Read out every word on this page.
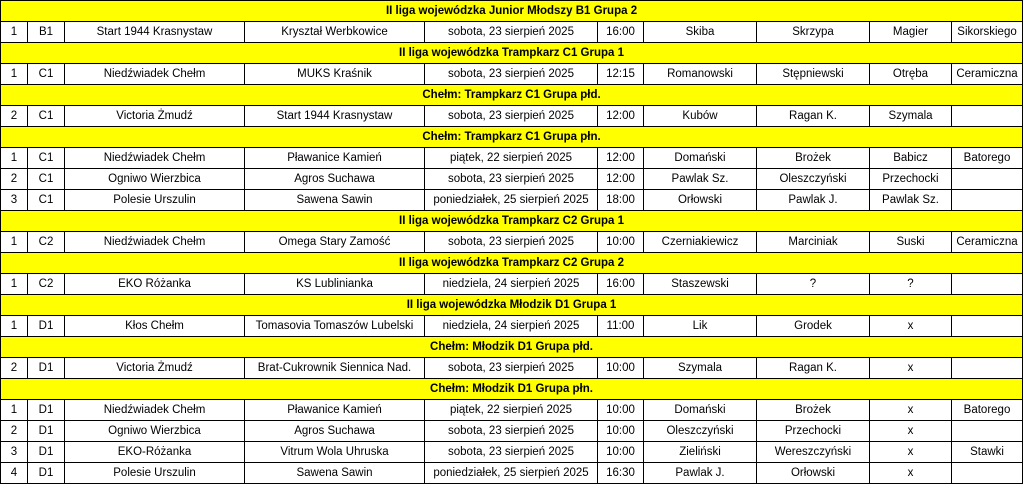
II liga wojewódzka Junior Młodszy B1 Grupa 2									
1	B1	Start 1944 Krasnystaw	Kryształ Werbkowice	sobota, 23 sierpień 2025	16:00	Skiba	Skrzypa	Magier	Sikorskiego
II liga wojewódzka Trampkarz C1 Grupa 1									
1	C1	Niedźwiadek Chełm	MUKS Kraśnik	sobota, 23 sierpień 2025	12:15	Romanowski	Stępniewski	Otręba	Ceramiczna
Chełm: Trampkarz C1 Grupa płd.									
2	C1	Victoria Żmudź	Start 1944 Krasnystaw	sobota, 23 sierpień 2025	12:00	Kubów	Ragan K.	Szymala	
Chełm: Trampkarz C1 Grupa płn.									
1	C1	Niedźwiadek Chełm	Pławanice Kamień	piątek, 22 sierpień 2025	12:00	Domański	Brożek	Babicz	Batorego
2	C1	Ogniwo Wierzbica	Agros Suchawa	sobota, 23 sierpień 2025	12:00	Pawlak Sz.	Oleszczyński	Przechocki	
3	C1	Polesie Urszulin	Sawena Sawin	poniedziałek, 25 sierpień 2025	18:00	Orłowski	Pawlak J.	Pawlak Sz.	
II liga wojewódzka Trampkarz C2 Grupa 1									
1	C2	Niedźwiadek Chełm	Omega Stary Zamość	sobota, 23 sierpień 2025	10:00	Czerniakiewicz	Marciniak	Suski	Ceramiczna
II liga wojewódzka Trampkarz C2 Grupa 2									
1	C2	EKO Różanka	KS Lublinianka	niedziela, 24 sierpień 2025	16:00	Staszewski	?	?	
II liga wojewódzka Młodzik D1 Grupa 1									
1	D1	Kłos Chełm	Tomasovia Tomaszów Lubelski	niedziela, 24 sierpień 2025	11:00	Lik	Grodek	x	
Chełm: Młodzik D1 Grupa płd.									
2	D1	Victoria Żmudź	Brat-Cukrownik Siennica Nad.	sobota, 23 sierpień 2025	10:00	Szymala	Ragan K.	x	
Chełm: Młodzik D1 Grupa płn.									
1	D1	Niedźwiadek Chełm	Pławanice Kamień	piątek, 22 sierpień 2025	10:00	Domański	Brożek	x	Batorego
2	D1	Ogniwo Wierzbica	Agros Suchawa	sobota, 23 sierpień 2025	10:00	Oleszczyński	Przechocki	x	
3	D1	EKO-Różanka	Vitrum Wola Uhruska	sobota, 23 sierpień 2025	10:00	Zieliński	Wereszczyński	x	Stawki
4	D1	Polesie Urszulin	Sawena Sawin	poniedziałek, 25 sierpień 2025	16:30	Pawlak J.	Orłowski	x	
